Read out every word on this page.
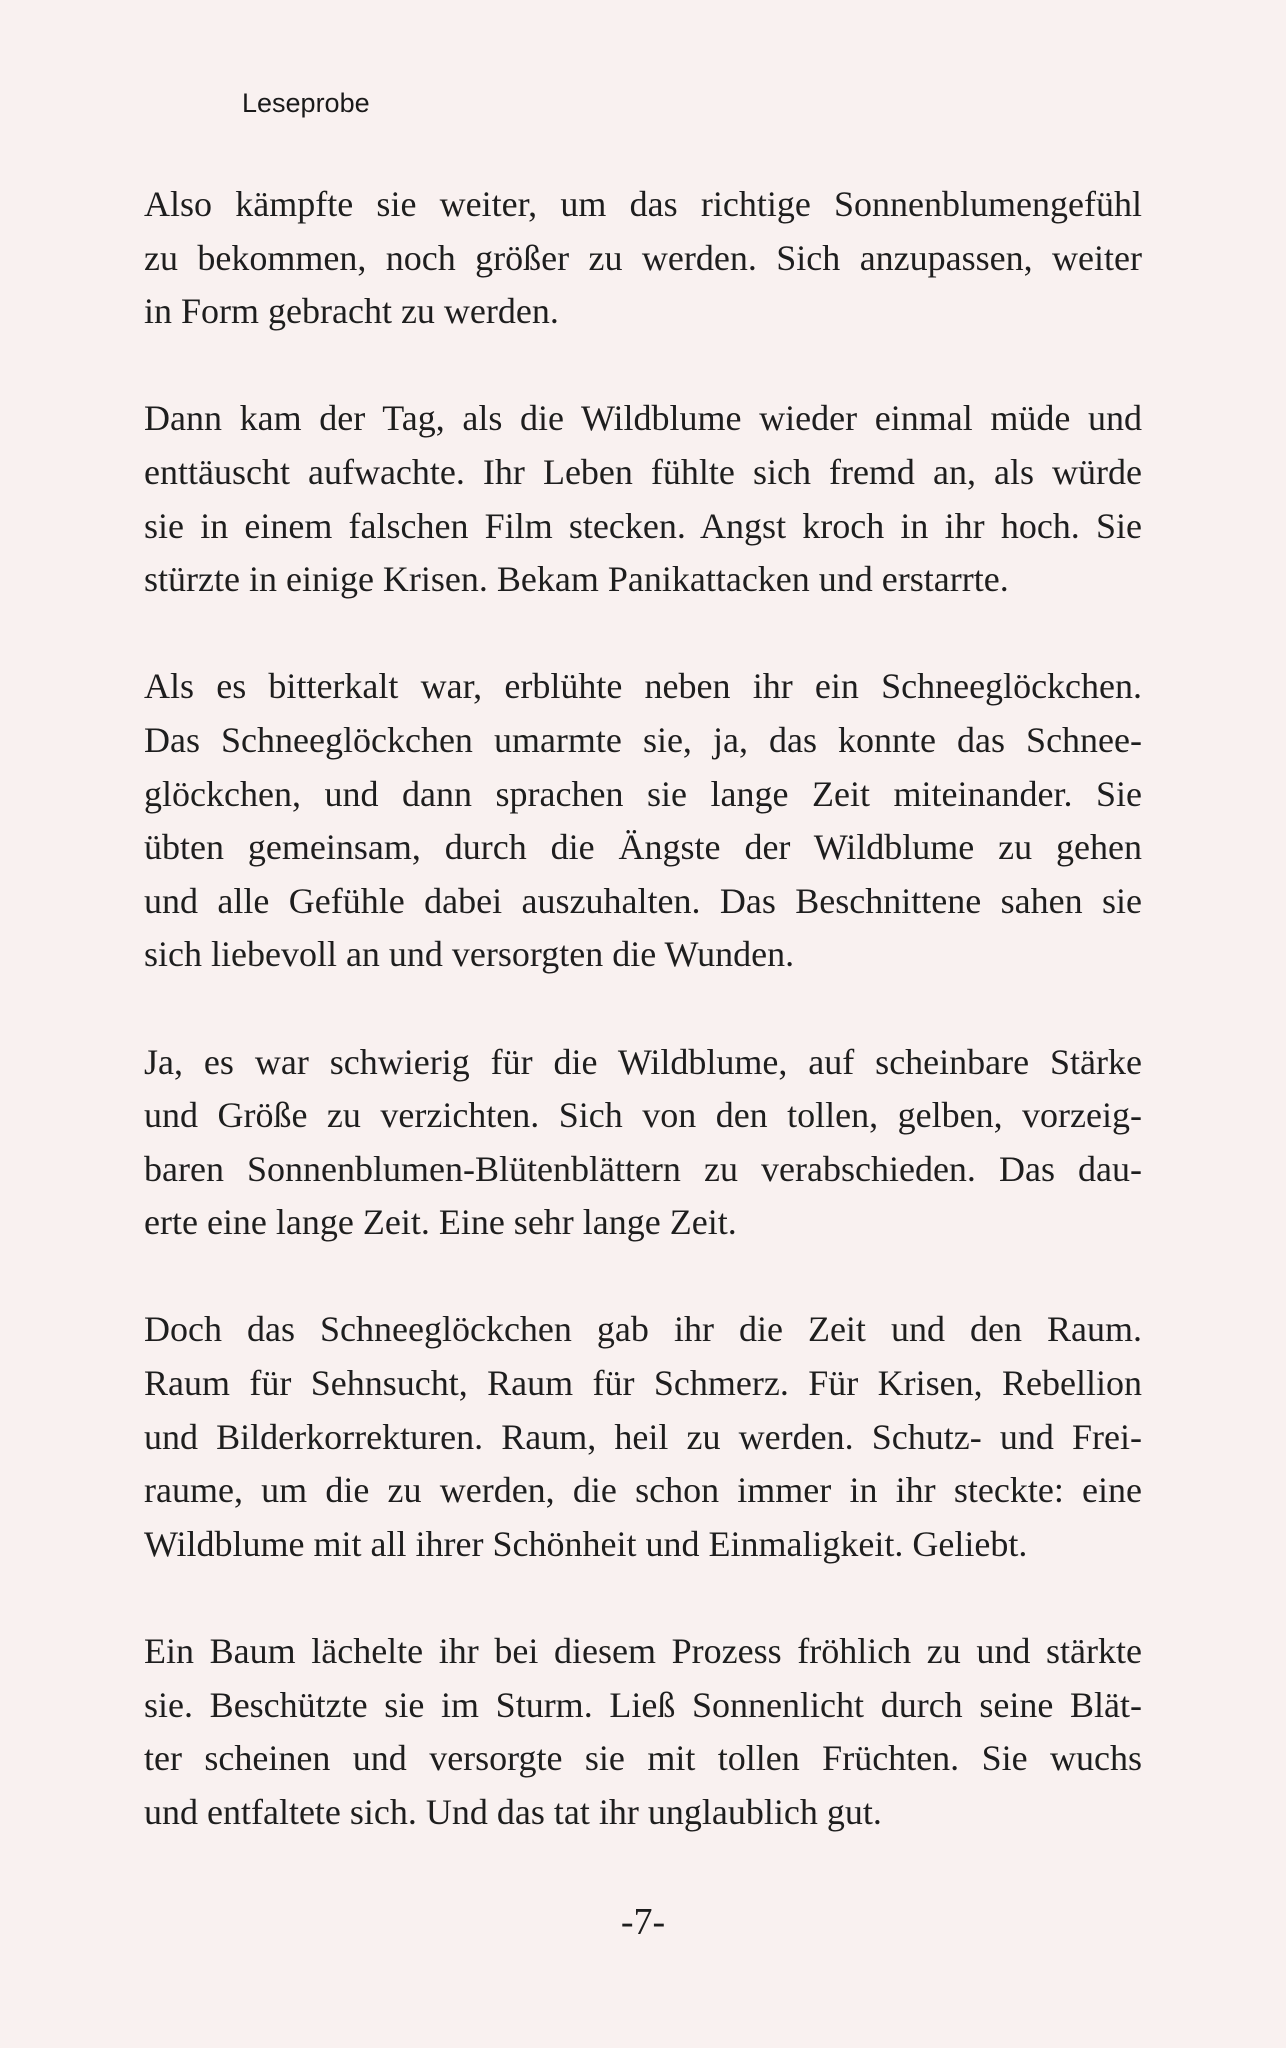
Leseprobe

Also kämpfte sie weiter, um das richtige Sonnenblumengefühl
zu bekommen, noch größer zu werden. Sich anzupassen, weiter
in Form gebracht zu werden.

Dann kam der Tag, als die Wildblume wieder einmal müde und
enttäuscht aufwachte. Ihr Leben fühlte sich fremd an, als würde
sie in einem falschen Film stecken. Angst kroch in ihr hoch. Sie
stürzte in einige Krisen. Bekam Panikattacken und erstarrte.

Als es bitterkalt war, erblühte neben ihr ein Schneeglöckchen.
Das Schneeglöckchen umarmte sie, ja, das konnte das Schnee-
glöckchen, und dann sprachen sie lange Zeit miteinander. Sie
übten gemeinsam, durch die Ängste der Wildblume zu gehen
und alle Gefühle dabei auszuhalten. Das Beschnittene sahen sie
sich liebevoll an und versorgten die Wunden.

Ja, es war schwierig für die Wildblume, auf scheinbare Stärke
und Größe zu verzichten. Sich von den tollen, gelben, vorzeig-
baren Sonnenblumen-Blütenblättern zu verabschieden. Das dau-
erte eine lange Zeit. Eine sehr lange Zeit.

Doch das Schneeglöckchen gab ihr die Zeit und den Raum.
Raum für Sehnsucht, Raum für Schmerz. Für Krisen, Rebellion
und Bilderkorrekturen. Raum, heil zu werden. Schutz- und Frei-
raume, um die zu werden, die schon immer in ihr steckte: eine
Wildblume mit all ihrer Schönheit und Einmaligkeit. Geliebt.

Ein Baum lächelte ihr bei diesem Prozess fröhlich zu und stärkte
sie. Beschützte sie im Sturm. Ließ Sonnenlicht durch seine Blät-
ter scheinen und versorgte sie mit tollen Früchten. Sie wuchs
und entfaltete sich. Und das tat ihr unglaublich gut.

-7-
